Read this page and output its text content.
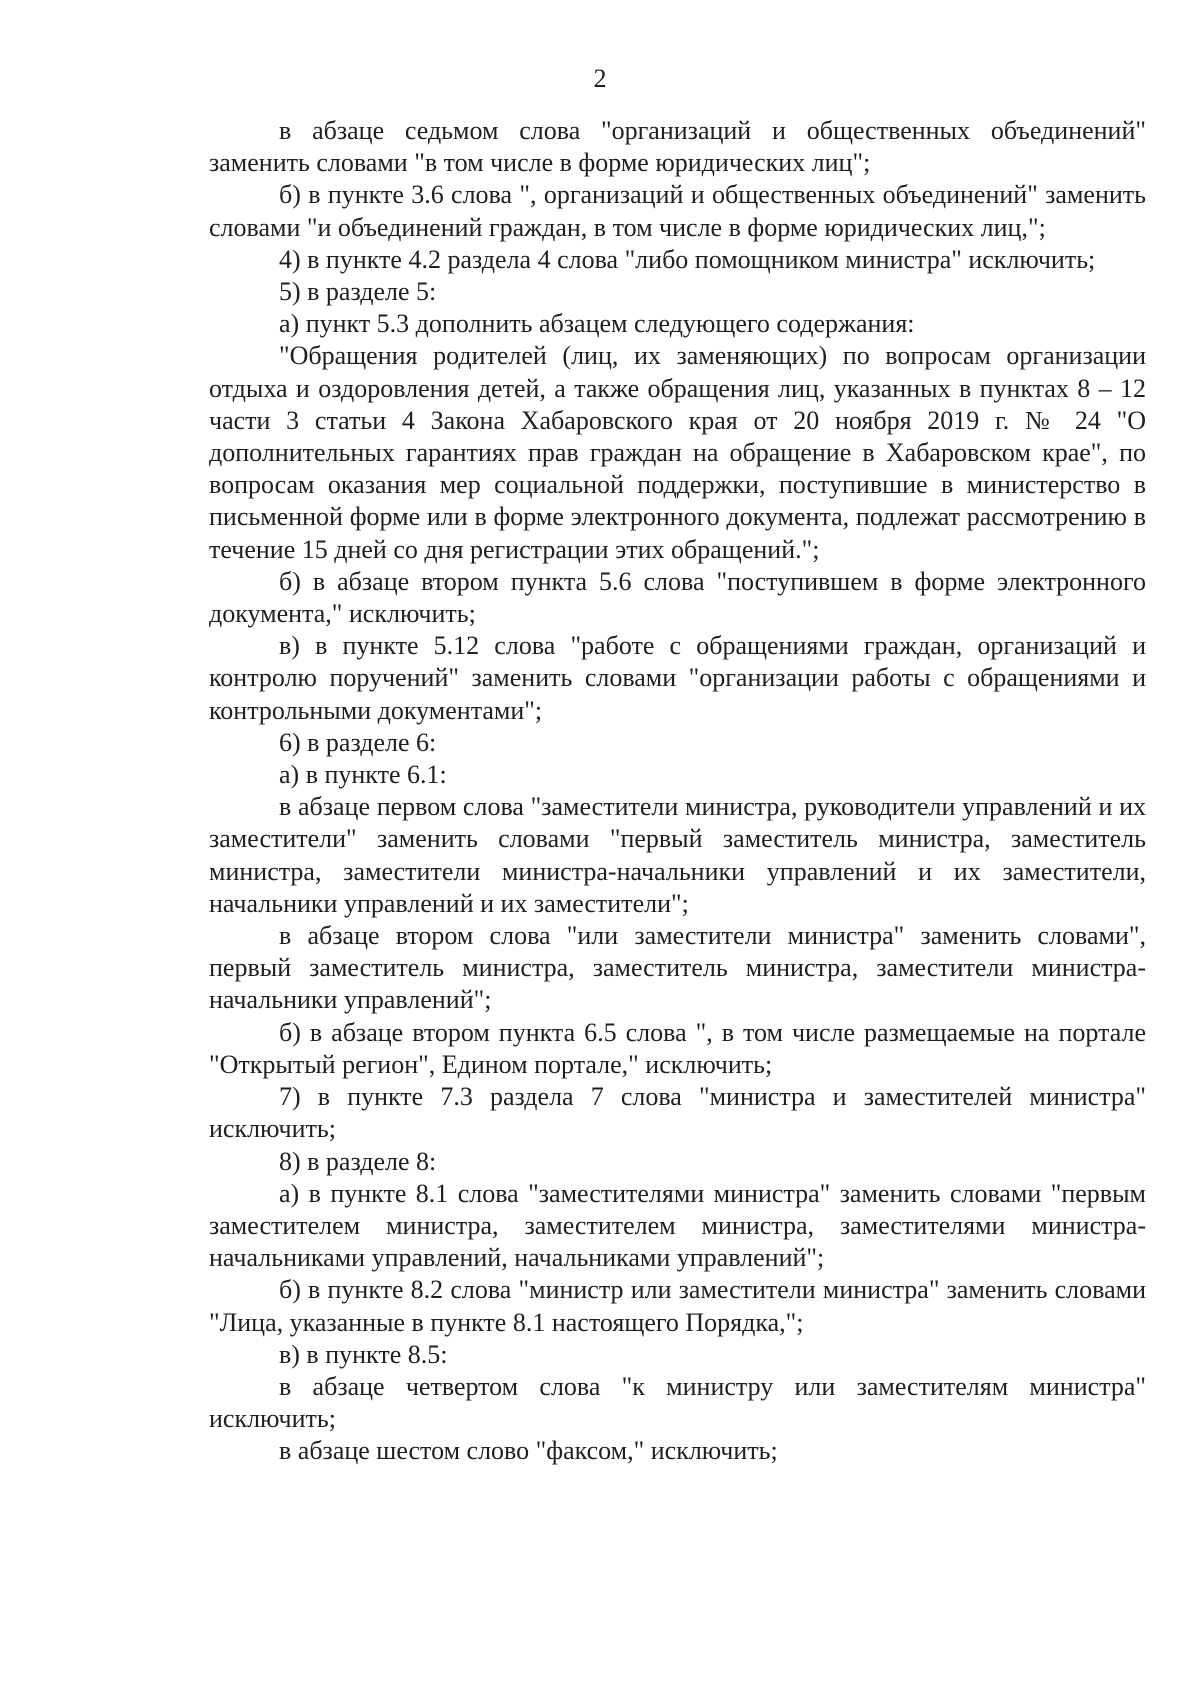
2

в абзаце седьмом слова "организаций и общественных объединений" заменить словами "в том числе в форме юридических лиц";

б) в пункте 3.6 слова ", организаций и общественных объединений" заменить словами "и объединений граждан, в том числе в форме юридических лиц,";

4) в пункте 4.2 раздела 4 слова "либо помощником министра" исключить;

5) в разделе 5:

а) пункт 5.3 дополнить абзацем следующего содержания:

"Обращения родителей (лиц, их заменяющих) по вопросам организации отдыха и оздоровления детей, а также обращения лиц, указанных в пунктах 8 – 12 части 3 статьи 4 Закона Хабаровского края от 20 ноября 2019 г. № 24 "О дополнительных гарантиях прав граждан на обращение в Хабаровском крае", по вопросам оказания мер социальной поддержки, поступившие в министерство в письменной форме или в форме электронного документа, подлежат рассмотрению в течение 15 дней со дня регистрации этих обращений.";

б) в абзаце втором пункта 5.6 слова "поступившем в форме электронного документа," исключить;

в) в пункте 5.12 слова "работе с обращениями граждан, организаций и контролю поручений" заменить словами "организации работы с обращениями и контрольными документами";

6) в разделе 6:

а) в пункте 6.1:

в абзаце первом слова "заместители министра, руководители управлений и их заместители" заменить словами "первый заместитель министра, заместитель министра, заместители министра-начальники управлений и их заместители, начальники управлений и их заместители";

в абзаце втором слова "или заместители министра" заменить словами", первый заместитель министра, заместитель министра, заместители министра-начальники управлений";

б) в абзаце втором пункта 6.5 слова ", в том числе размещаемые на портале "Открытый регион", Едином портале," исключить;

7) в пункте 7.3 раздела 7 слова "министра и заместителей министра" исключить;

8) в разделе 8:

а) в пункте 8.1 слова "заместителями министра" заменить словами "первым заместителем министра, заместителем министра, заместителями министра-начальниками управлений, начальниками управлений";

б) в пункте 8.2 слова "министр или заместители министра" заменить словами "Лица, указанные в пункте 8.1 настоящего Порядка,";

в) в пункте 8.5:

в абзаце четвертом слова "к министру или заместителям министра" исключить;

в абзаце шестом слово "факсом," исключить;
